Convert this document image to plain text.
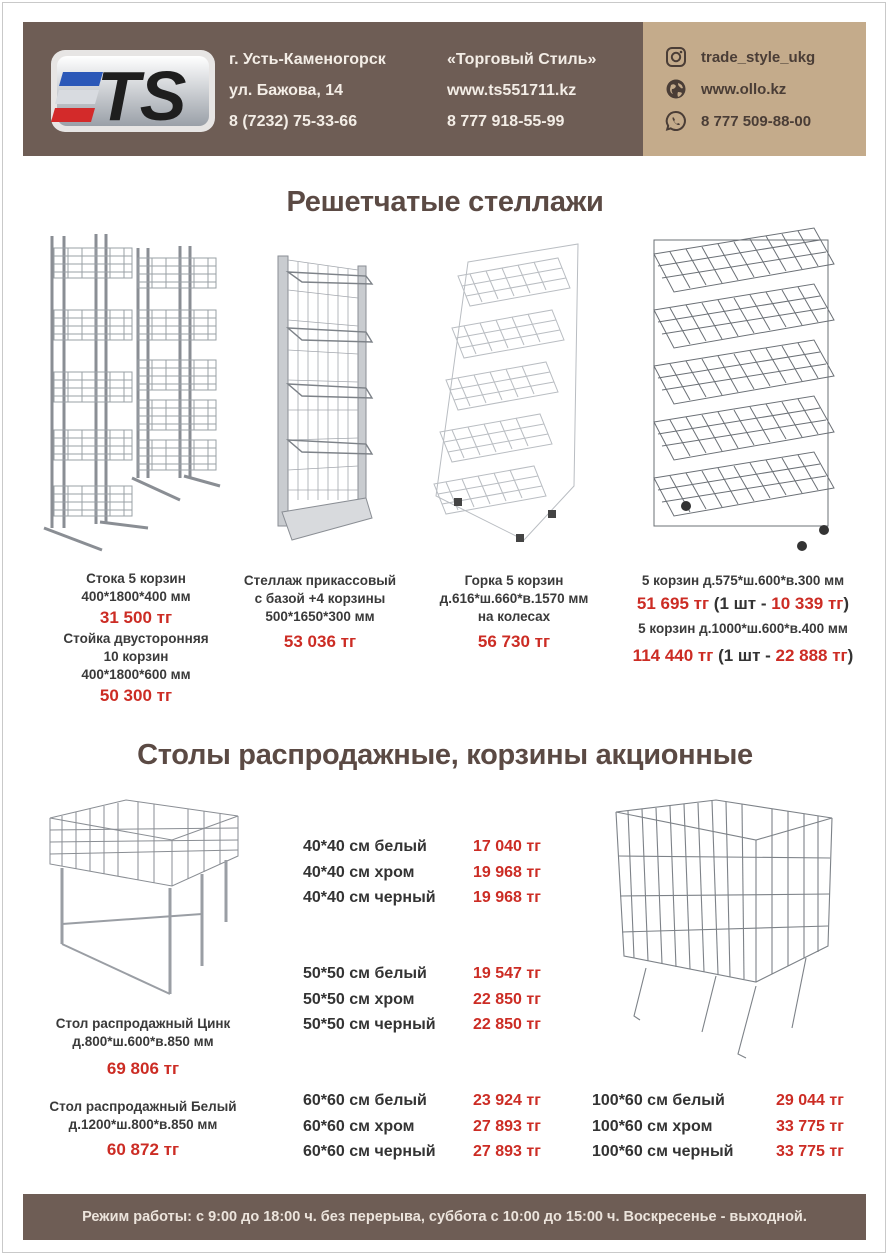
TS	г. Усть-Каменогорск
ул. Бажова, 14
8 (7232) 75-33-66
«Торговый Стиль»
www.ts551711.kz
8 777 918-55-99
trade_style_ukg
www.ollo.kz
8 777 509-88-00
Решетчатые стеллажи
Стока 5 корзин
400*1800*400 мм
31 500 тг
Стойка двусторонняя
10 корзин
400*1800*600 мм
50 300 тг
Стеллаж прикассовый
с базой +4 корзины
500*1650*300 мм
53 036 тг
Горка 5 корзин
д.616*ш.660*в.1570 мм
на колесах
56 730 тг
5 корзин д.575*ш.600*в.300 мм
51 695 тг (1 шт - 10 339 тг)
5 корзин д.1000*ш.600*в.400 мм
114 440 тг (1 шт - 22 888 тг)
Столы распродажные, корзины акционные
Стол распродажный Цинк
д.800*ш.600*в.850 мм
69 806 тг
Стол распродажный Белый
д.1200*ш.800*в.850 мм
60 872 тг
40*40 см белый	17 040 тг
40*40 см хром	19 968 тг
40*40 см черный	19 968 тг
50*50 см белый	19 547 тг
50*50 см хром	22 850 тг
50*50 см черный	22 850 тг
60*60 см белый	23 924 тг
60*60 см хром	27 893 тг
60*60 см черный	27 893 тг
100*60 см белый	29 044 тг
100*60 см хром	33 775 тг
100*60 см черный	33 775 тг
Режим работы: с 9:00 до 18:00 ч. без перерыва, суббота с 10:00 до 15:00 ч. Воскресенье - выходной.
